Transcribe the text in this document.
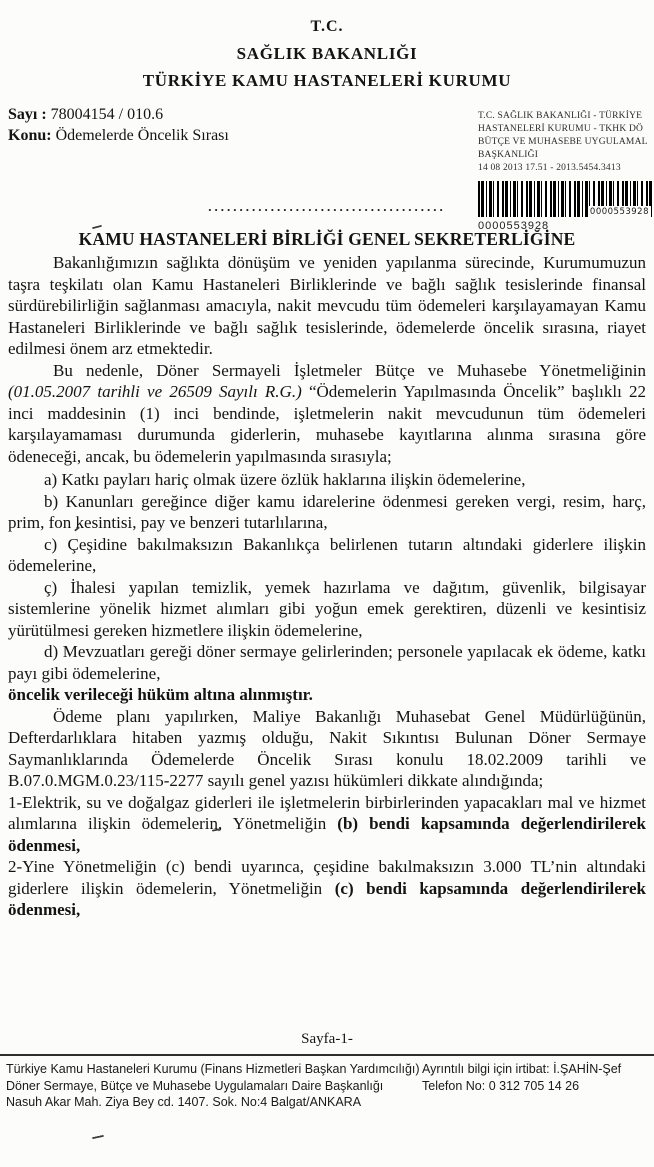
T.C.
SAĞLIK BAKANLIĞI
TÜRKİYE KAMU HASTANELERİ KURUMU
Sayı : 78004154 / 010.6
Konu: Ödemelerde Öncelik Sırası
T.C. SAĞLIK BAKANLIĞI - TÜRKİYE
HASTANELERİ KURUMU - TKHK DÖ
BÜTÇE VE MUHASEBE UYGULAMAL
BAŞKANLIĞI
14 08 2013 17.51 - 2013.5454.3413
0000553928
0000553928
......................................
KAMU HASTANELERİ BİRLİĞİ GENEL SEKRETERLİĞİNE

Bakanlığımızın sağlıkta dönüşüm ve yeniden yapılanma sürecinde, Kurumumuzun taşra teşkilatı olan Kamu Hastaneleri Birliklerinde ve bağlı sağlık tesislerinde finansal sürdürebilirliğin sağlanması amacıyla, nakit mevcudu tüm ödemeleri karşılayamayan Kamu Hastaneleri Birliklerinde ve bağlı sağlık tesislerinde, ödemelerde öncelik sırasına, riayet edilmesi önem arz etmektedir.

Bu nedenle, Döner Sermayeli İşletmeler Bütçe ve Muhasebe Yönetmeliğinin (01.05.2007 tarihli ve 26509 Sayılı R.G.) “Ödemelerin Yapılmasında Öncelik” başlıklı 22 inci maddesinin (1) inci bendinde, işletmelerin nakit mevcudunun tüm ödemeleri karşılayamaması durumunda giderlerin, muhasebe kayıtlarına alınma sırasına göre ödeneceği, ancak, bu ödemelerin yapılmasında sırasıyla;

a) Katkı payları hariç olmak üzere özlük haklarına ilişkin ödemelerine,

b) Kanunları gereğince diğer kamu idarelerine ödenmesi gereken vergi, resim, harç, prim, fon kesintisi, pay ve benzeri tutarlılarına,

c) Çeşidine bakılmaksızın Bakanlıkça belirlenen tutarın altındaki giderlere ilişkin ödemelerine,

ç) İhalesi yapılan temizlik, yemek hazırlama ve dağıtım, güvenlik, bilgisayar sistemlerine yönelik hizmet alımları gibi yoğun emek gerektiren, düzenli ve kesintisiz yürütülmesi gereken hizmetlere ilişkin ödemelerine,

d) Mevzuatları gereği döner sermaye gelirlerinden; personele yapılacak ek ödeme, katkı payı gibi ödemelerine,

öncelik verileceği hüküm altına alınmıştır.

Ödeme planı yapılırken, Maliye Bakanlığı Muhasebat Genel Müdürlüğünün, Defterdarlıklara hitaben yazmış olduğu, Nakit Sıkıntısı Bulunan Döner Sermaye Saymanlıklarında Ödemelerde Öncelik Sırası konulu 18.02.2009 tarihli ve B.07.0.MGM.0.23/115-2277 sayılı genel yazısı hükümleri dikkate alındığında;

1-Elektrik, su ve doğalgaz giderleri ile işletmelerin birbirlerinden yapacakları mal ve hizmet alımlarına ilişkin ödemelerin, Yönetmeliğin (b) bendi kapsamında değerlendirilerek ödenmesi,

2-Yine Yönetmeliğin (c) bendi uyarınca, çeşidine bakılmaksızın 3.000 TL’nin altındaki giderlere ilişkin ödemelerin, Yönetmeliğin (c) bendi kapsamında değerlendirilerek ödenmesi,

Sayfa-1-
Türkiye Kamu Hastaneleri Kurumu (Finans Hizmetleri Başkan Yardımcılığı)
Döner Sermaye, Bütçe ve Muhasebe Uygulamaları Daire Başkanlığı
Nasuh Akar Mah. Ziya Bey cd. 1407. Sok. No:4 Balgat/ANKARA
Ayrıntılı bilgi için irtibat: İ.ŞAHİN-Şef
Telefon No: 0 312 705 14 26
